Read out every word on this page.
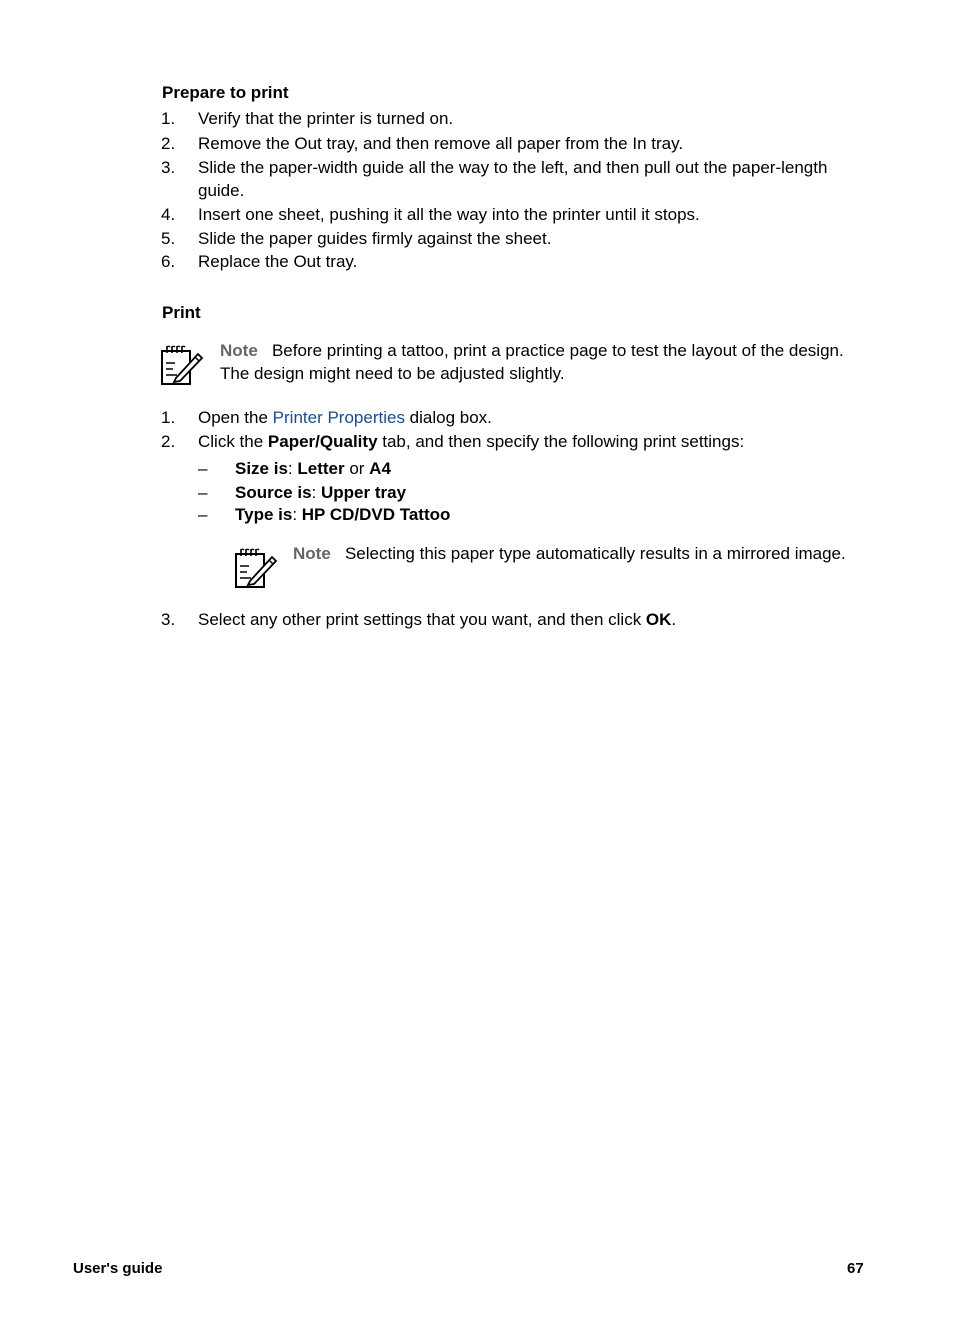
Prepare to print
1. Verify that the printer is turned on.
2. Remove the Out tray, and then remove all paper from the In tray.
3. Slide the paper-width guide all the way to the left, and then pull out the paper-length guide.
4. Insert one sheet, pushing it all the way into the printer until it stops.
5. Slide the paper guides firmly against the sheet.
6. Replace the Out tray.
Print
Note Before printing a tattoo, print a practice page to test the layout of the design. The design might need to be adjusted slightly.
1. Open the Printer Properties dialog box.
2. Click the Paper/Quality tab, and then specify the following print settings:
– Size is: Letter or A4
– Source is: Upper tray
– Type is: HP CD/DVD Tattoo
Note Selecting this paper type automatically results in a mirrored image.
3. Select any other print settings that you want, and then click OK.
User's guide	67
